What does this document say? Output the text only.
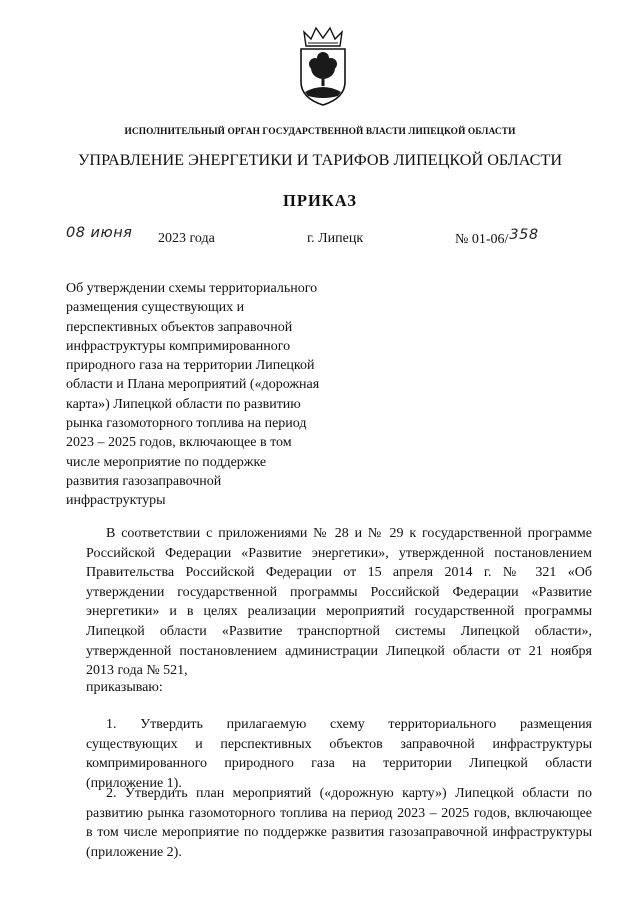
ИСПОЛНИТЕЛЬНЫЙ ОРГАН ГОСУДАРСТВЕННОЙ ВЛАСТИ ЛИПЕЦКОЙ ОБЛАСТИ
УПРАВЛЕНИЕ ЭНЕРГЕТИКИ И ТАРИФОВ ЛИПЕЦКОЙ ОБЛАСТИ
ПРИКАЗ
08 июня 2023 года	г. Липецк	№ 01-06/358
Об утверждении схемы территориального
размещения существующих и
перспективных объектов заправочной
инфраструктуры компримированного
природного газа на территории Липецкой
области и Плана мероприятий («дорожная
карта») Липецкой области по развитию
рынка газомоторного топлива на период
2023 – 2025 годов, включающее в том
числе мероприятие по поддержке
развития газозаправочной
инфраструктуры
В соответствии с приложениями № 28 и № 29 к государственной программе
Российской Федерации «Развитие энергетики», утвержденной постановлением
Правительства Российской Федерации от 15 апреля 2014 г. № 321 «Об
утверждении государственной программы Российской Федерации «Развитие
энергетики» и в целях реализации мероприятий государственной программы
Липецкой области «Развитие транспортной системы Липецкой области»,
утвержденной постановлением администрации Липецкой области от 21 ноября
2013 года № 521,
приказываю:
1. Утвердить прилагаемую схему территориального размещения
существующих и перспективных объектов заправочной инфраструктуры
компримированного природного газа на территории Липецкой области
(приложение 1).
2. Утвердить план мероприятий («дорожную карту») Липецкой области по
развитию рынка газомоторного топлива на период 2023 – 2025 годов, включающее
в том числе мероприятие по поддержке развития газозаправочной инфраструктуры
(приложение 2).
